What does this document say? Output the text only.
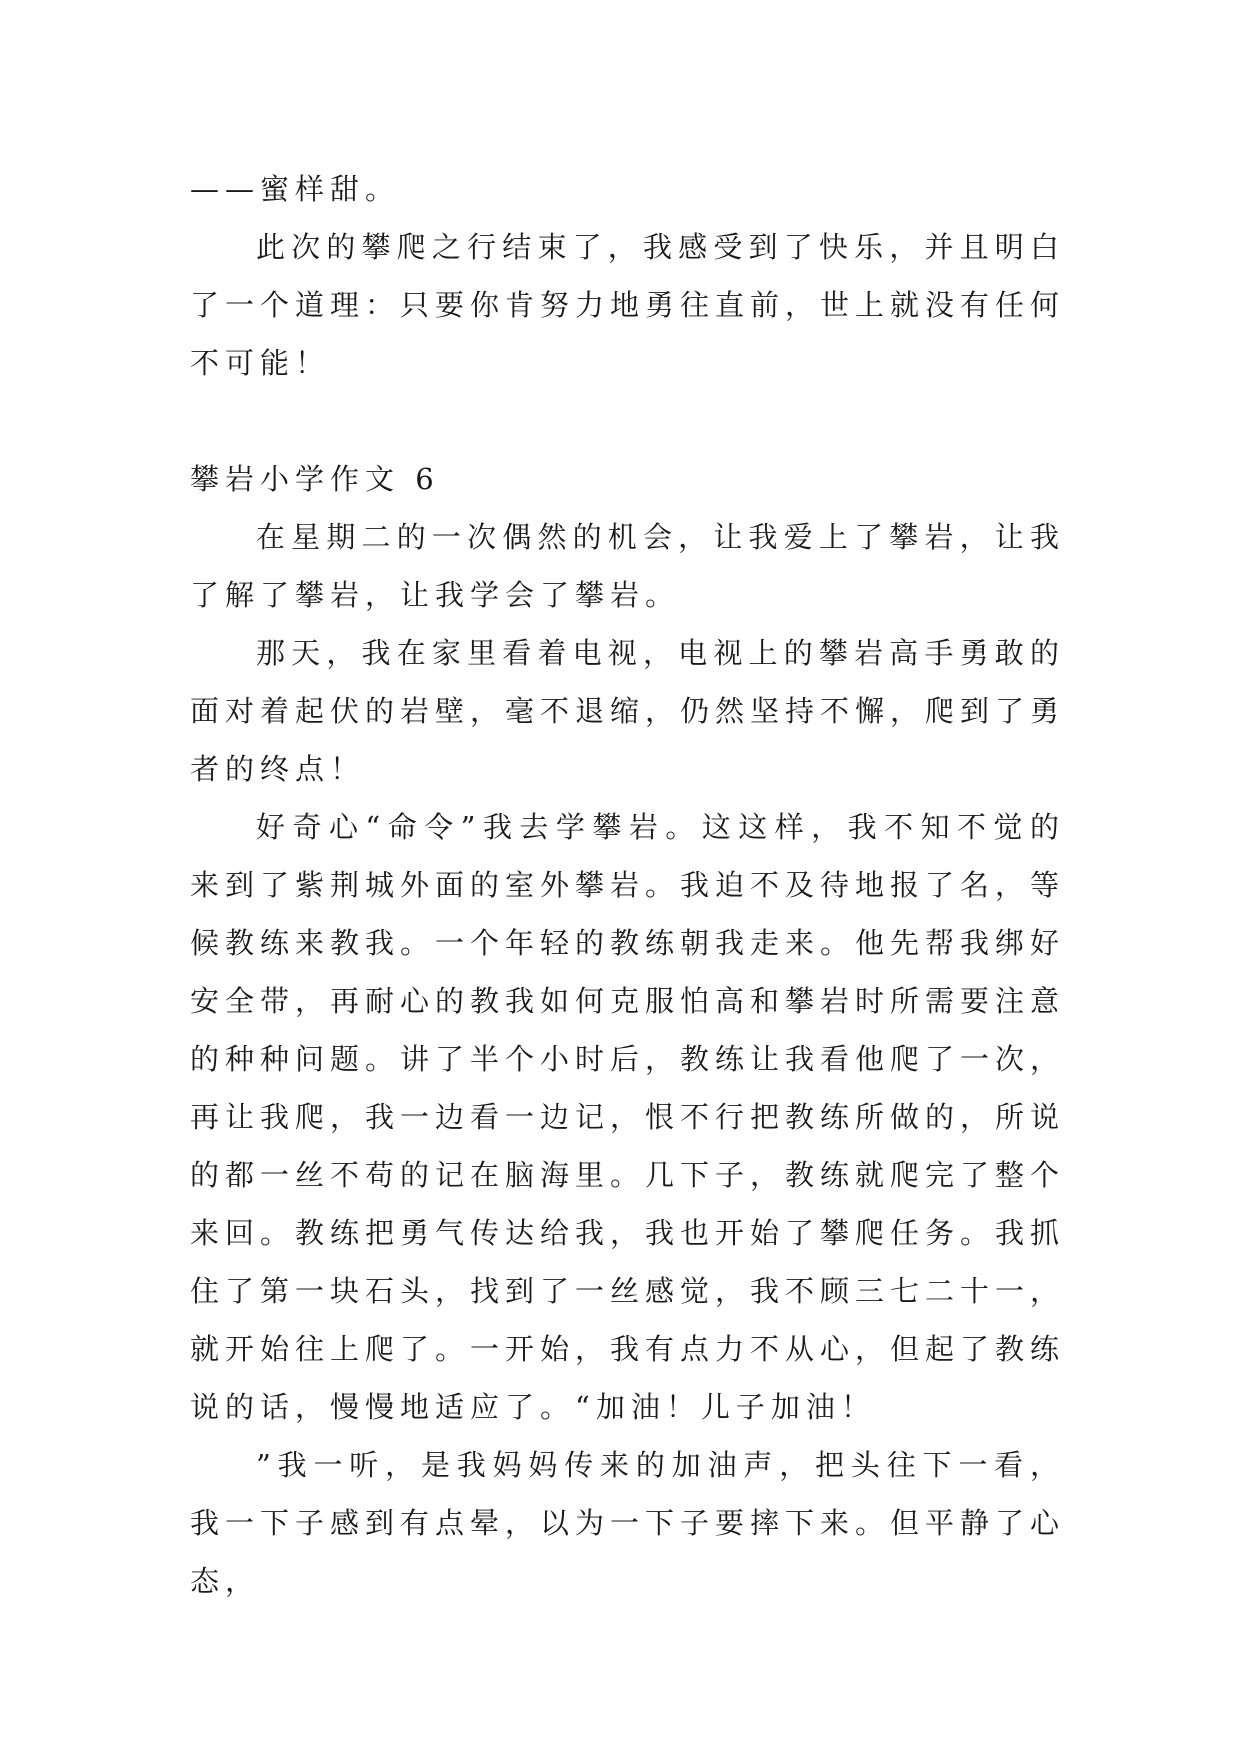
——蜜样甜。

此次的攀爬之行结束了，我感受到了快乐，并且明白了一个道理：只要你肯努力地勇往直前，世上就没有任何不可能！

攀岩小学作文 6

在星期二的一次偶然的机会，让我爱上了攀岩，让我了解了攀岩，让我学会了攀岩。

那天，我在家里看着电视，电视上的攀岩高手勇敢的面对着起伏的岩壁，毫不退缩，仍然坚持不懈，爬到了勇者的终点！

好奇心“命令”我去学攀岩。这这样，我不知不觉的来到了紫荆城外面的室外攀岩。我迫不及待地报了名，等候教练来教我。一个年轻的教练朝我走来。他先帮我绑好安全带，再耐心的教我如何克服怕高和攀岩时所需要注意的种种问题。讲了半个小时后，教练让我看他爬了一次，再让我爬，我一边看一边记，恨不行把教练所做的，所说的都一丝不苟的记在脑海里。几下子，教练就爬完了整个来回。教练把勇气传达给我，我也开始了攀爬任务。我抓住了第一块石头，找到了一丝感觉，我不顾三七二十一，就开始往上爬了。一开始，我有点力不从心，但起了教练说的话，慢慢地适应了。“加油！儿子加油！

”我一听，是我妈妈传来的加油声，把头往下一看，我一下子感到有点晕，以为一下子要摔下来。但平静了心态，
